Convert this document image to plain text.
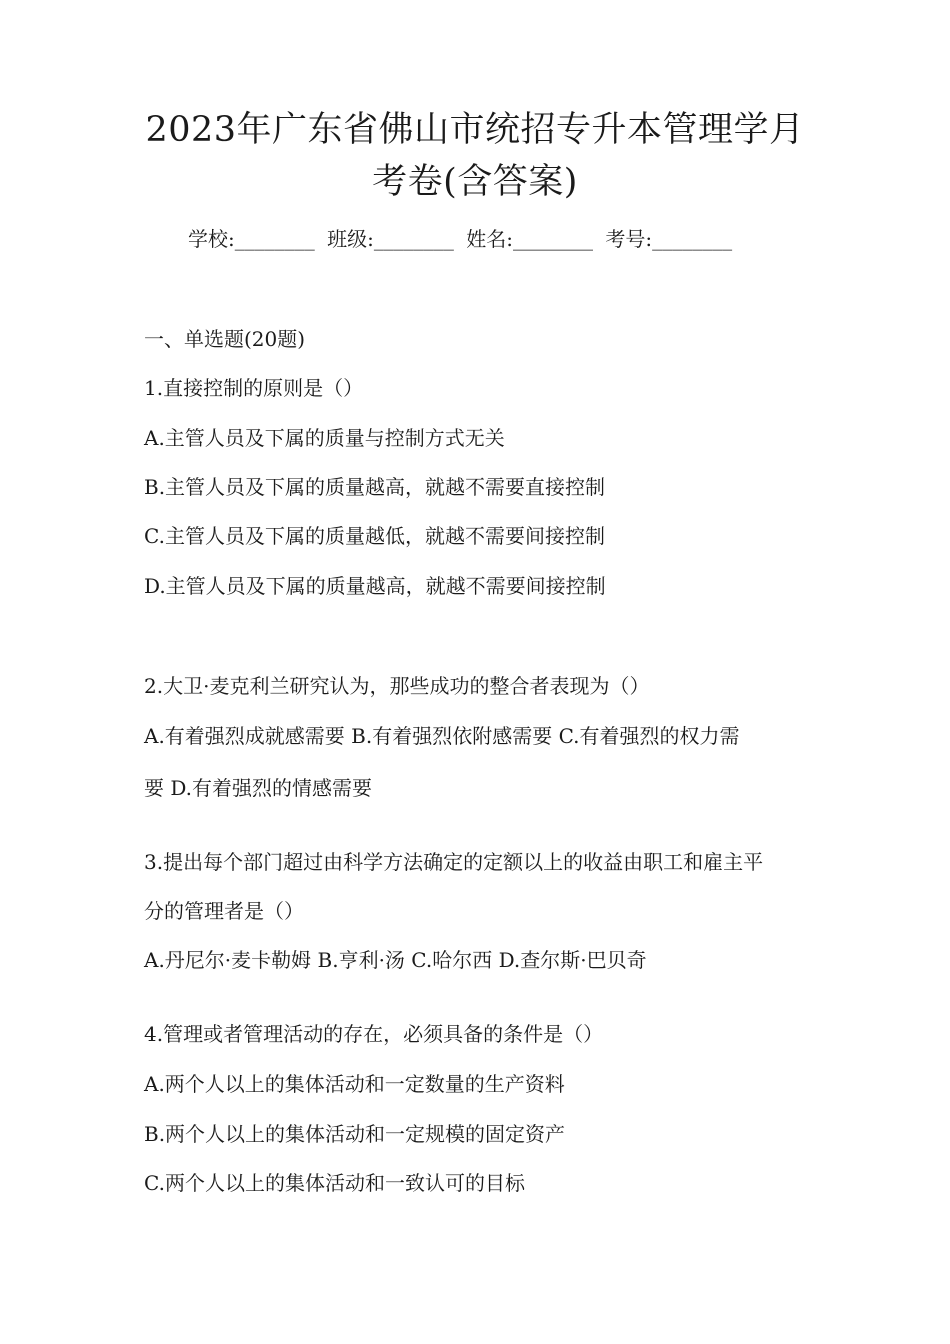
2023年广东省佛山市统招专升本管理学月
考卷(含答案)
学校:________ 班级:________ 姓名:________ 考号:________
一、单选题(20题)
1.直接控制的原则是（）
A.主管人员及下属的质量与控制方式无关
B.主管人员及下属的质量越高，就越不需要直接控制
C.主管人员及下属的质量越低，就越不需要间接控制
D.主管人员及下属的质量越高，就越不需要间接控制
2.大卫·麦克利兰研究认为，那些成功的整合者表现为（）
A.有着强烈成就感需要 B.有着强烈依附感需要 C.有着强烈的权力需
要 D.有着强烈的情感需要
3.提出每个部门超过由科学方法确定的定额以上的收益由职工和雇主平
分的管理者是（）
A.丹尼尔·麦卡勒姆 B.亨利·汤 C.哈尔西 D.查尔斯·巴贝奇
4.管理或者管理活动的存在，必须具备的条件是（）
A.两个人以上的集体活动和一定数量的生产资料
B.两个人以上的集体活动和一定规模的固定资产
C.两个人以上的集体活动和一致认可的目标
